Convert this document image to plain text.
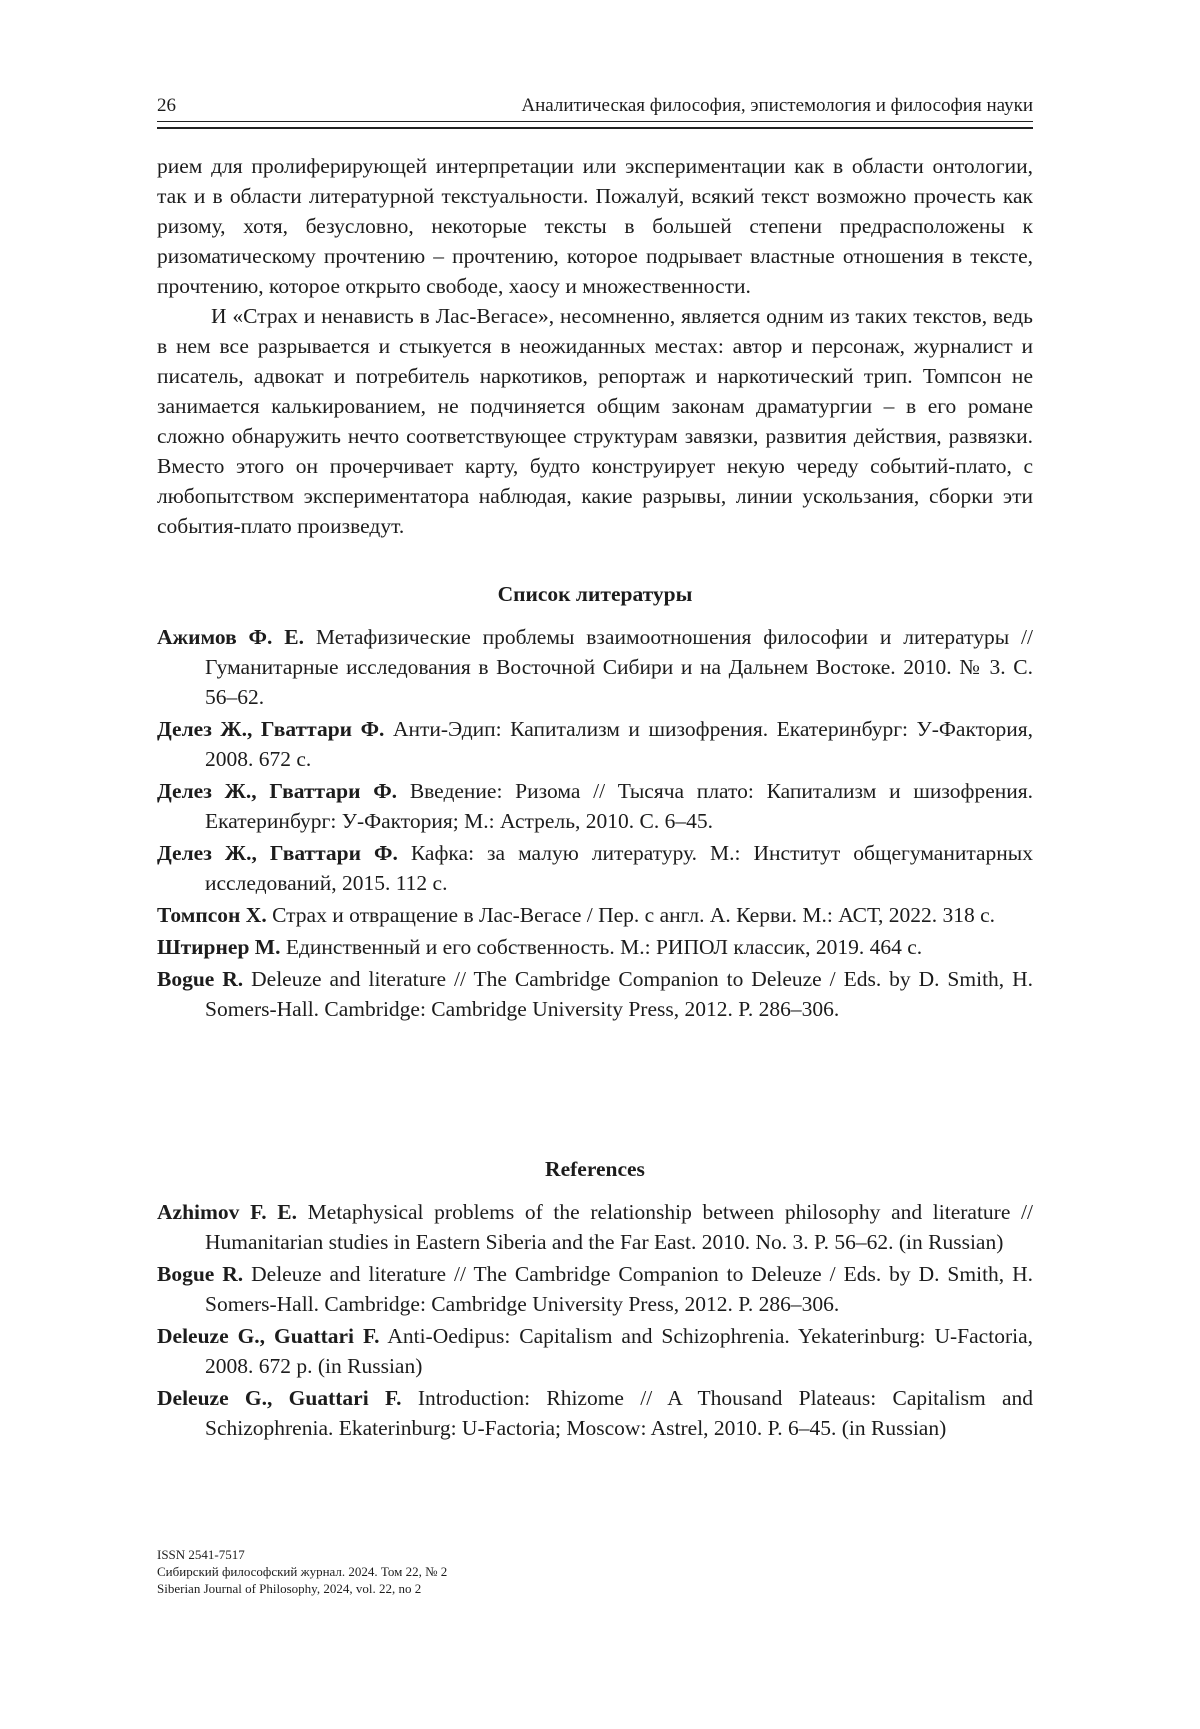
26	Аналитическая философия, эпистемология и философия науки

рием для пролиферирующей интерпретации или экспериментации как в области онтологии, так и в области литературной текстуальности. Пожалуй, всякий текст возможно прочесть как ризому, хотя, безусловно, некоторые тексты в большей степени предрасположены к ризоматическому прочтению – прочтению, которое подрывает властные отношения в тексте, прочтению, которое открыто свободе, хаосу и множественности.

И «Страх и ненависть в Лас-Вегасе», несомненно, является одним из таких текстов, ведь в нем все разрывается и стыкуется в неожиданных местах: автор и персонаж, журналист и писатель, адвокат и потребитель наркотиков, репортаж и наркотический трип. Томпсон не занимается калькированием, не подчиняется общим законам драматургии – в его романе сложно обнаружить нечто соответствующее структурам завязки, развития действия, развязки. Вместо этого он прочерчивает карту, будто конструирует некую череду событий-плато, с любопытством экспериментатора наблюдая, какие разрывы, линии ускользания, сборки эти события-плато произведут.

Список литературы
Ажимов Ф. Е. Метафизические проблемы взаимоотношения философии и литературы // Гуманитарные исследования в Восточной Сибири и на Дальнем Востоке. 2010. № 3. С. 56–62.
Делез Ж., Гваттари Ф. Анти-Эдип: Капитализм и шизофрения. Екатеринбург: У-Фактория, 2008. 672 с.
Делез Ж., Гваттари Ф. Введение: Ризома // Тысяча плато: Капитализм и шизофрения. Екатеринбург: У-Фактория; М.: Астрель, 2010. С. 6–45.
Делез Ж., Гваттари Ф. Кафка: за малую литературу. М.: Институт общегуманитарных исследований, 2015. 112 с.
Томпсон Х. Страх и отвращение в Лас-Вегасе / Пер. с англ. А. Керви. М.: АСТ, 2022. 318 с.
Штирнер М. Единственный и его собственность. М.: РИПОЛ классик, 2019. 464 с.
Bogue R. Deleuze and literature // The Cambridge Companion to Deleuze / Eds. by D. Smith, H. Somers-Hall. Cambridge: Cambridge University Press, 2012. P. 286–306.
References
Azhimov F. E. Metaphysical problems of the relationship between philosophy and literature // Humanitarian studies in Eastern Siberia and the Far East. 2010. No. 3. P. 56–62. (in Russian)
Bogue R. Deleuze and literature // The Cambridge Companion to Deleuze / Eds. by D. Smith, H. Somers-Hall. Cambridge: Cambridge University Press, 2012. P. 286–306.
Deleuze G., Guattari F. Anti-Oedipus: Capitalism and Schizophrenia. Yekaterinburg: U-Factoria, 2008. 672 p. (in Russian)
Deleuze G., Guattari F. Introduction: Rhizome // A Thousand Plateaus: Capitalism and Schizophrenia. Ekaterinburg: U-Factoria; Moscow: Astrel, 2010. P. 6–45. (in Russian)
ISSN 2541-7517
Сибирский философский журнал. 2024. Том 22, № 2
Siberian Journal of Philosophy, 2024, vol. 22, no 2
